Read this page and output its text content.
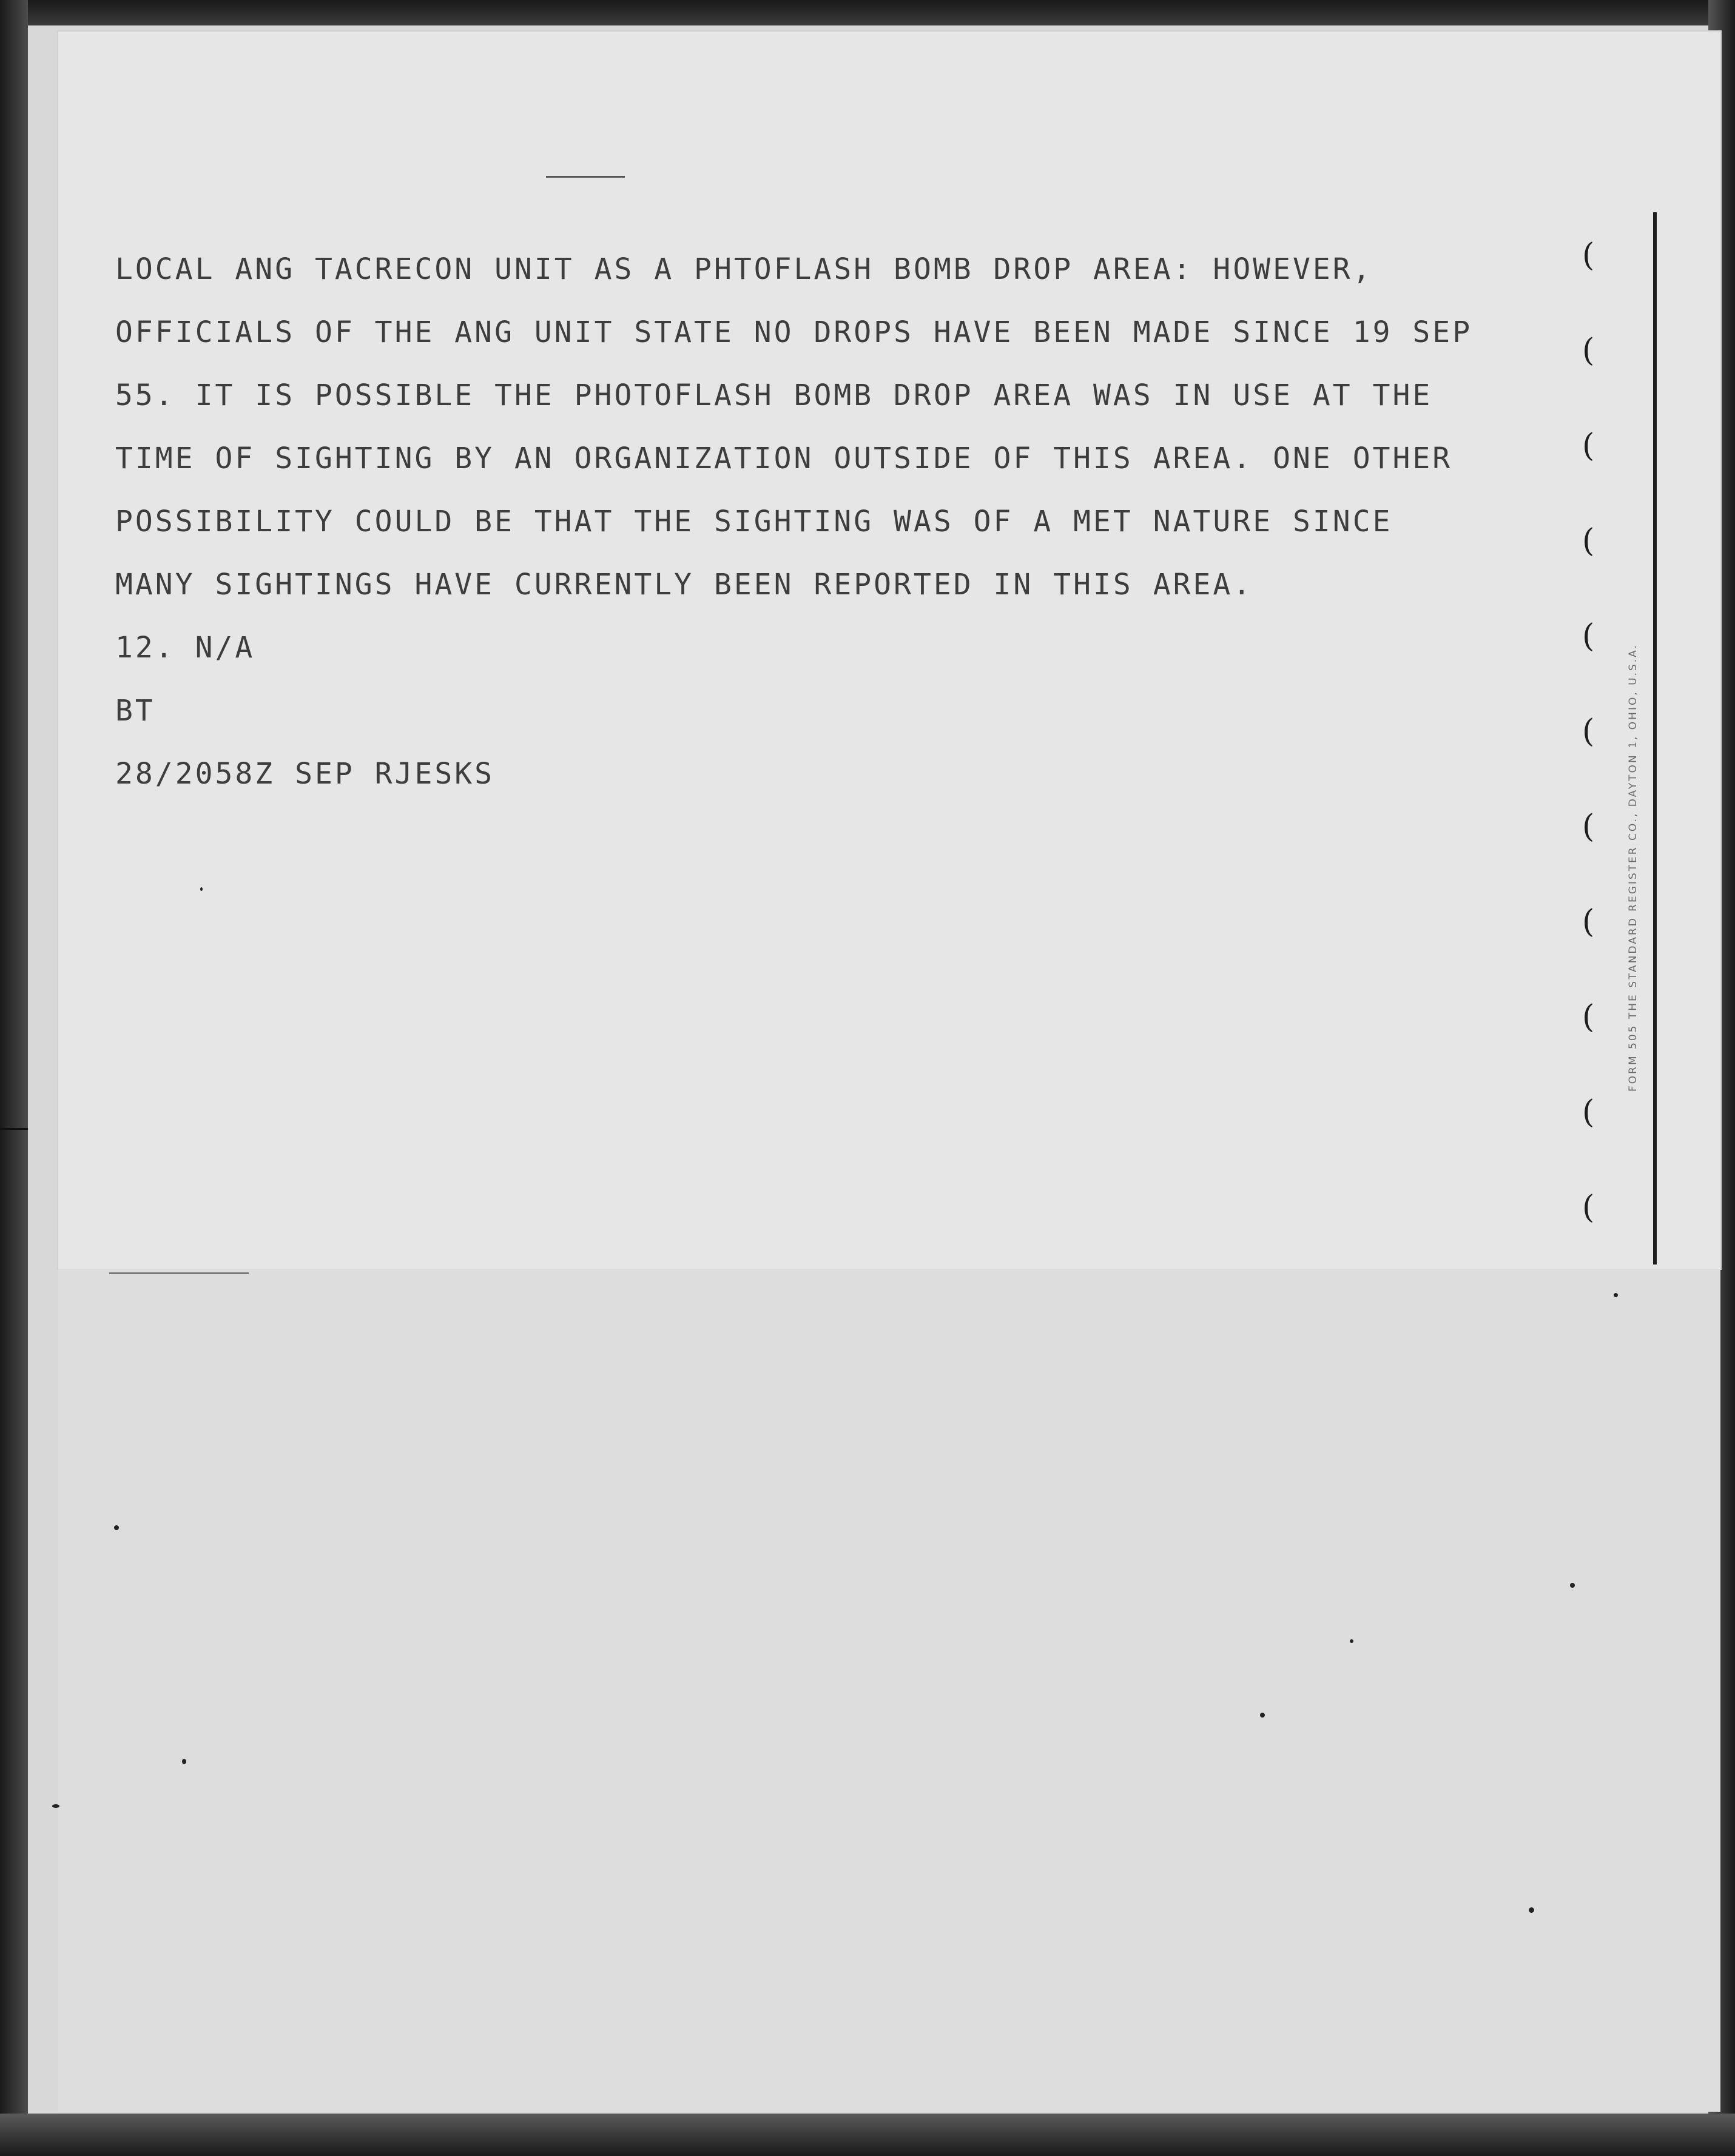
FORM 505 THE STANDARD REGISTER CO., DAYTON 1, OHIO, U.S.A.
LOCAL ANG TACRECON UNIT AS A PHTOFLASH BOMB DROP AREA: HOWEVER,
OFFICIALS OF THE ANG UNIT STATE NO DROPS HAVE BEEN MADE SINCE 19 SEP
55. IT IS POSSIBLE THE PHOTOFLASH BOMB DROP AREA WAS IN USE AT THE
TIME OF SIGHTING BY AN ORGANIZATION OUTSIDE OF THIS AREA. ONE OTHER
POSSIBILITY COULD BE THAT THE SIGHTING WAS OF A MET NATURE SINCE
MANY SIGHTINGS HAVE CURRENTLY BEEN REPORTED IN THIS AREA.
12. N/A
BT
28/2058Z SEP RJESKS
(
(
(
(
(
(
(
(
(
(
(
